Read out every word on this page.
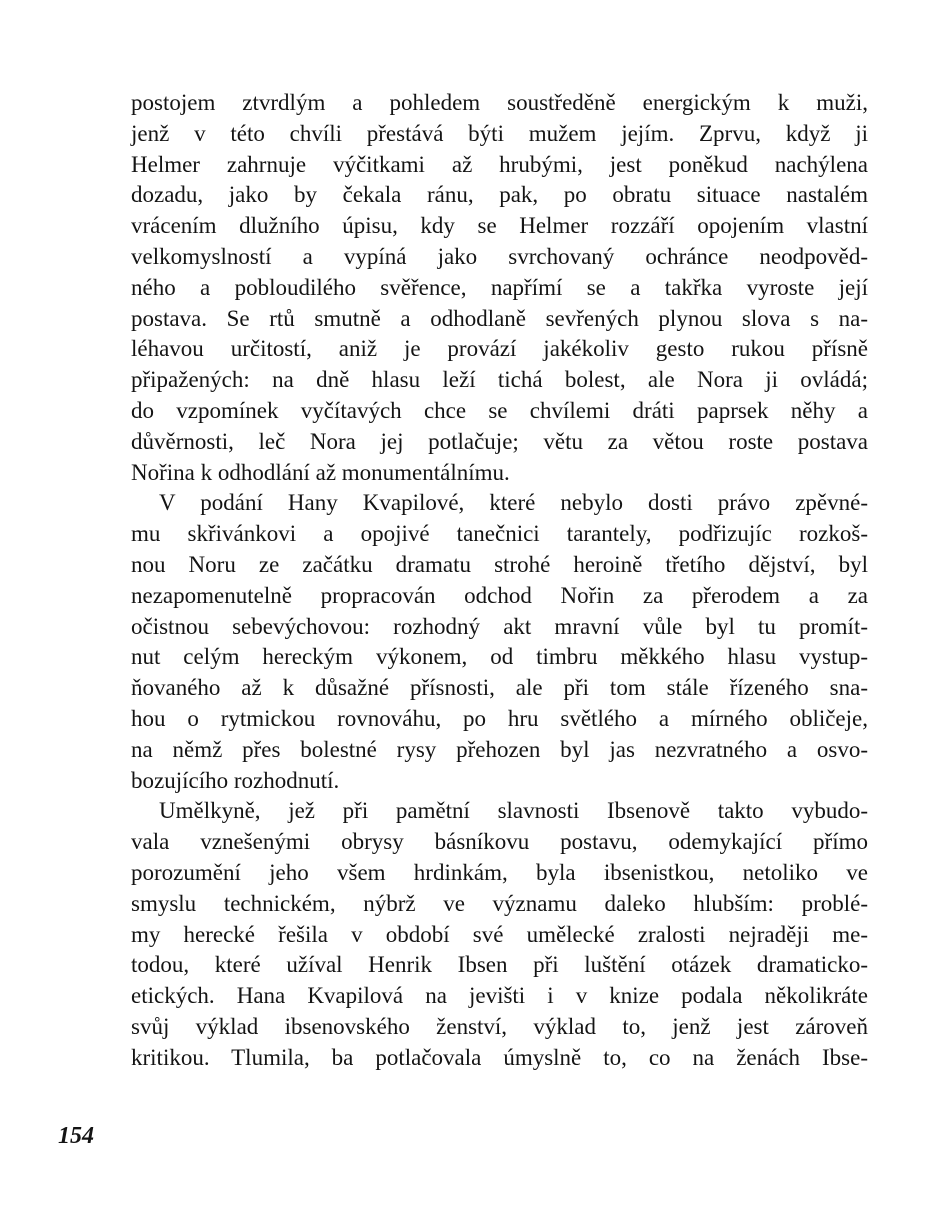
postojem ztvrdlým a pohledem soustředěně energickým k muži,
jenž v této chvíli přestává býti mužem jejím. Zprvu, když ji
Helmer zahrnuje výčitkami až hrubými, jest poněkud nachýlena
dozadu, jako by čekala ránu, pak, po obratu situace nastalém
vrácením dlužního úpisu, kdy se Helmer rozzáří opojením vlastní
velkomyslností a vypíná jako svrchovaný ochránce neodpověd-
ného a pobloudilého svěřence, napřímí se a takřka vyroste její
postava. Se rtů smutně a odhodlaně sevřených plynou slova s na-
léhavou určitostí, aniž je provází jakékoliv gesto rukou přísně
připažených: na dně hlasu leží tichá bolest, ale Nora ji ovládá;
do vzpomínek vyčítavých chce se chvílemi dráti paprsek něhy a
důvěrnosti, leč Nora jej potlačuje; větu za větou roste postava
Nořina k odhodlání až monumentálnímu.
V podání Hany Kvapilové, které nebylo dosti právo zpěvné-
mu skřivánkovi a opojivé tanečnici tarantely, podřizujíc rozkoš-
nou Noru ze začátku dramatu strohé heroině třetího dějství, byl
nezapomenutelně propracován odchod Nořin za přerodem a za
očistnou sebevýchovou: rozhodný akt mravní vůle byl tu promít-
nut celým hereckým výkonem, od timbru měkkého hlasu vystup-
ňovaného až k důsažné přísnosti, ale při tom stále řízeného sna-
hou o rytmickou rovnováhu, po hru světlého a mírného obličeje,
na němž přes bolestné rysy přehozen byl jas nezvratného a osvo-
bozujícího rozhodnutí.
Umělkyně, jež při pamětní slavnosti Ibsenově takto vybudo-
vala vznešenými obrysy básníkovu postavu, odemykající přímo
porozumění jeho všem hrdinkám, byla ibsenistkou, netoliko ve
smyslu technickém, nýbrž ve významu daleko hlubším: problé-
my herecké řešila v období své umělecké zralosti nejraději me-
todou, které užíval Henrik Ibsen při luštění otázek dramaticko-
etických. Hana Kvapilová na jevišti i v knize podala několikráte
svůj výklad ibsenovského ženství, výklad to, jenž jest zároveň
kritikou. Tlumila, ba potlačovala úmyslně to, co na ženách Ibse-
154
